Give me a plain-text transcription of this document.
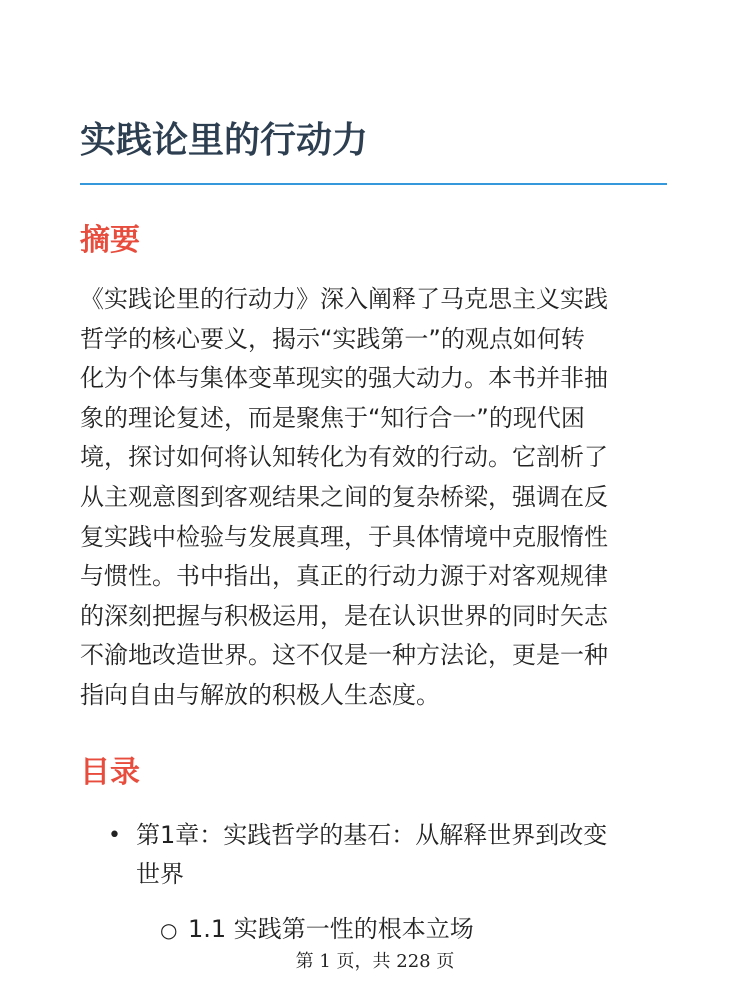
实践论里的行动力
摘要

《实践论里的行动力》深入阐释了马克思主义实践
哲学的核心要义，揭示“实践第一”的观点如何转
化为个体与集体变革现实的强大动力。本书并非抽
象的理论复述，而是聚焦于“知行合一”的现代困
境，探讨如何将认知转化为有效的行动。它剖析了
从主观意图到客观结果之间的复杂桥梁，强调在反
复实践中检验与发展真理，于具体情境中克服惰性
与惯性。书中指出，真正的行动力源于对客观规律
的深刻把握与积极运用，是在认识世界的同时矢志
不渝地改造世界。这不仅是一种方法论，更是一种
指向自由与解放的积极人生态度。

目录
• 第1章：实践哲学的基石：从解释世界到改变
世界
○ 1.1 实践第一性的根本立场
第 1 页，共 228 页
